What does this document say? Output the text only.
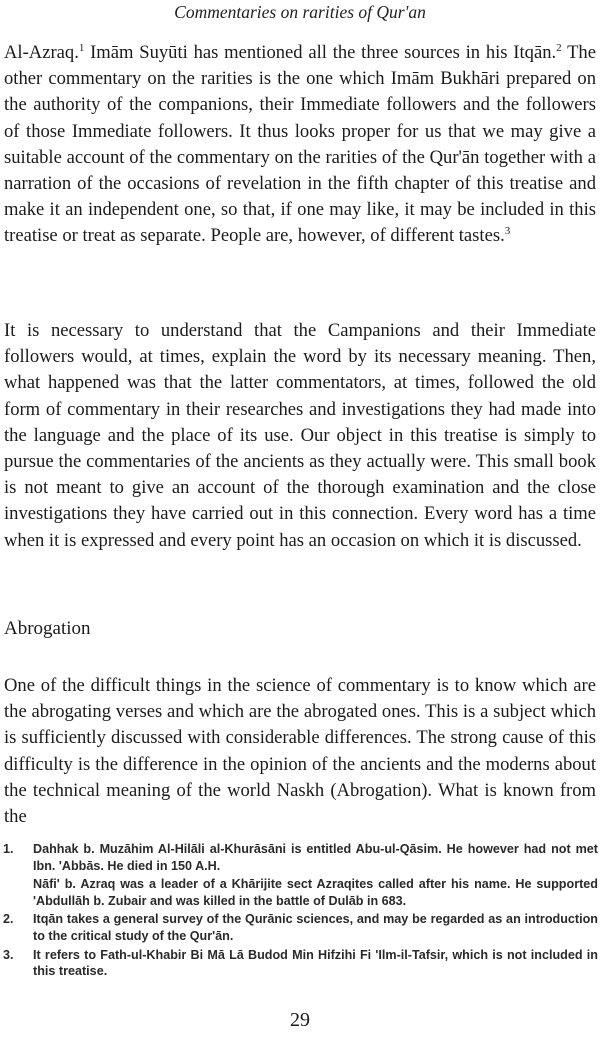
Commentaries on rarities of Qur'an

Al-Azraq.$^1$ Imām Suyūti has mentioned all the three sources in his Itqān.$^2$ The other commentary on the rarities is the one which Imām Bukhāri prepared on the authority of the companions, their Immediate followers and the followers of those Immediate followers. It thus looks proper for us that we may give a suitable account of the commentary on the rarities of the Qur'ān together with a narration of the occasions of revelation in the fifth chapter of this treatise and make it an independent one, so that, if one may like, it may be included in this treatise or treat as separate. People are, however, of different tastes.$^3$

It is necessary to understand that the Campanions and their Immediate followers would, at times, explain the word by its necessary meaning. Then, what happened was that the latter commentators, at times, followed the old form of commentary in their researches and investigations they had made into the language and the place of its use. Our object in this treatise is simply to pursue the commentaries of the ancients as they actually were. This small book is not meant to give an account of the thorough examination and the close investigations they have carried out in this connection. Every word has a time when it is expressed and every point has an occasion on which it is discussed.

Abrogation

One of the difficult things in the science of commentary is to know which are the abrogating verses and which are the abrogated ones. This is a subject which is sufficiently discussed with considerable differences. The strong cause of this difficulty is the difference in the opinion of the ancients and the moderns about the technical meaning of the world Naskh (Abrogation). What is known from the

1. Dahhak b. Muzāhim Al-Hilāli al-Khurāsāni is entitled Abu-ul-Qāsim. He however had not met Ibn. 'Abbās. He died in 150 A.H.
Nāfi' b. Azraq was a leader of a Khārijite sect Azraqites called after his name. He supported 'Abdullāh b. Zubair and was killed in the battle of Dulāb in 683.
2. Itqān takes a general survey of the Qurānic sciences, and may be regarded as an introduction to the critical study of the Qur'ān.
3. It refers to Fath-ul-Khabir Bi Mā Lā Budod Min Hifzihi Fi 'Ilm-il-Tafsir, which is not included in this treatise.
29
